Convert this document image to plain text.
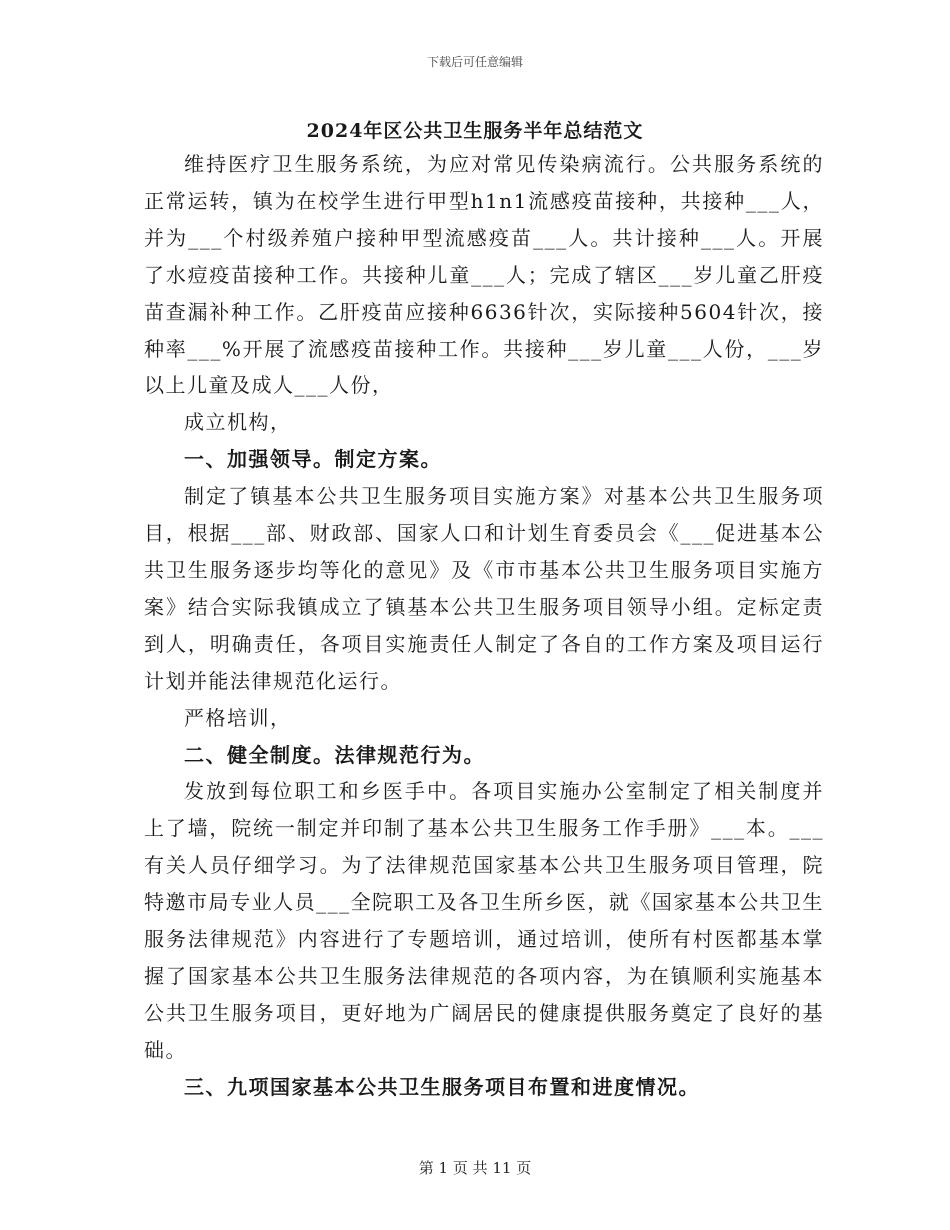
下载后可任意编辑
2024年区公共卫生服务半年总结范文

维持医疗卫生服务系统，为应对常见传染病流行。公共服务系统的正常运转，镇为在校学生进行甲型h1n1流感疫苗接种，共接种___人，并为___个村级养殖户接种甲型流感疫苗___人。共计接种___人。开展了水痘疫苗接种工作。共接种儿童___人；完成了辖区___岁儿童乙肝疫苗查漏补种工作。乙肝疫苗应接种6636针次，实际接种5604针次，接种率___%开展了流感疫苗接种工作。共接种___岁儿童___人份，___岁以上儿童及成人___人份，

成立机构，

一、加强领导。制定方案。

制定了镇基本公共卫生服务项目实施方案》对基本公共卫生服务项目，根据___部、财政部、国家人口和计划生育委员会《___促进基本公共卫生服务逐步均等化的意见》及《市市基本公共卫生服务项目实施方案》结合实际我镇成立了镇基本公共卫生服务项目领导小组。定标定责到人，明确责任，各项目实施责任人制定了各自的工作方案及项目运行计划并能法律规范化运行。

严格培训，

二、健全制度。法律规范行为。

发放到每位职工和乡医手中。各项目实施办公室制定了相关制度并上了墙，院统一制定并印制了基本公共卫生服务工作手册》___本。___有关人员仔细学习。为了法律规范国家基本公共卫生服务项目管理，院特邀市局专业人员___全院职工及各卫生所乡医，就《国家基本公共卫生服务法律规范》内容进行了专题培训，通过培训，使所有村医都基本掌握了国家基本公共卫生服务法律规范的各项内容，为在镇顺利实施基本公共卫生服务项目，更好地为广阔居民的健康提供服务奠定了良好的基础。

三、九项国家基本公共卫生服务项目布置和进度情况。

第 1 页 共 11 页
